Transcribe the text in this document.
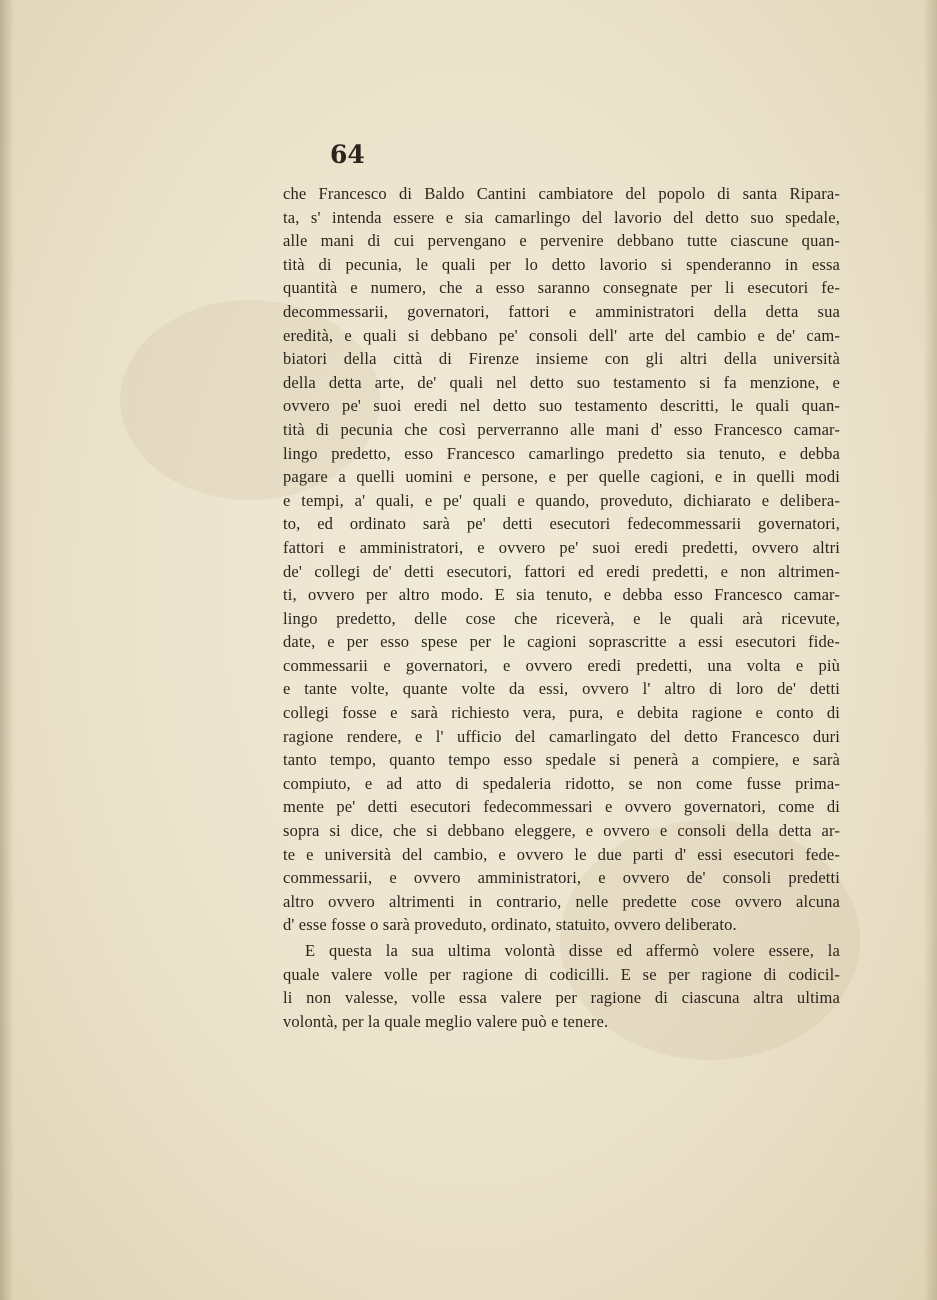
64
che Francesco di Baldo Cantini cambiatore del popolo di santa Ripara-
ta, s' intenda essere e sia camarlingo del lavorio del detto suo spedale,
alle mani di cui pervengano e pervenire debbano tutte ciascune quan-
tità di pecunia, le quali per lo detto lavorio si spenderanno in essa
quantità e numero, che a esso saranno consegnate per li esecutori fe-
decommessarii, governatori, fattori e amministratori della detta sua
eredità, e quali si debbano pe' consoli dell' arte del cambio e de' cam-
biatori della città di Firenze insieme con gli altri della università
della detta arte, de' quali nel detto suo testamento si fa menzione, e
ovvero pe' suoi eredi nel detto suo testamento descritti, le quali quan-
tità di pecunia che così perverranno alle mani d' esso Francesco camar-
lingo predetto, esso Francesco camarlingo predetto sia tenuto, e debba
pagare a quelli uomini e persone, e per quelle cagioni, e in quelli modi
e tempi, a' quali, e pe' quali e quando, proveduto, dichiarato e delibera-
to, ed ordinato sarà pe' detti esecutori fedecommessarii governatori,
fattori e amministratori, e ovvero pe' suoi eredi predetti, ovvero altri
de' collegi de' detti esecutori, fattori ed eredi predetti, e non altrimen-
ti, ovvero per altro modo. E sia tenuto, e debba esso Francesco camar-
lingo predetto, delle cose che riceverà, e le quali arà ricevute,
date, e per esso spese per le cagioni soprascritte a essi esecutori fide-
commessarii e governatori, e ovvero eredi predetti, una volta e più
e tante volte, quante volte da essi, ovvero l' altro di loro de' detti
collegi fosse e sarà richiesto vera, pura, e debita ragione e conto di
ragione rendere, e l' ufficio del camarlingato del detto Francesco duri
tanto tempo, quanto tempo esso spedale si penerà a compiere, e sarà
compiuto, e ad atto di spedaleria ridotto, se non come fusse prima-
mente pe' detti esecutori fedecommessari e ovvero governatori, come di
sopra si dice, che si debbano eleggere, e ovvero e consoli della detta ar-
te e università del cambio, e ovvero le due parti d' essi esecutori fede-
commessarii, e ovvero amministratori, e ovvero de' consoli predetti
altro ovvero altrimenti in contrario, nelle predette cose ovvero alcuna
d' esse fosse o sarà proveduto, ordinato, statuito, ovvero deliberato.
E questa la sua ultima volontà disse ed affermò volere essere, la
quale valere volle per ragione di codicilli. E se per ragione di codicil-
li non valesse, volle essa valere per ragione di ciascuna altra ultima
volontà, per la quale meglio valere può e tenere.
